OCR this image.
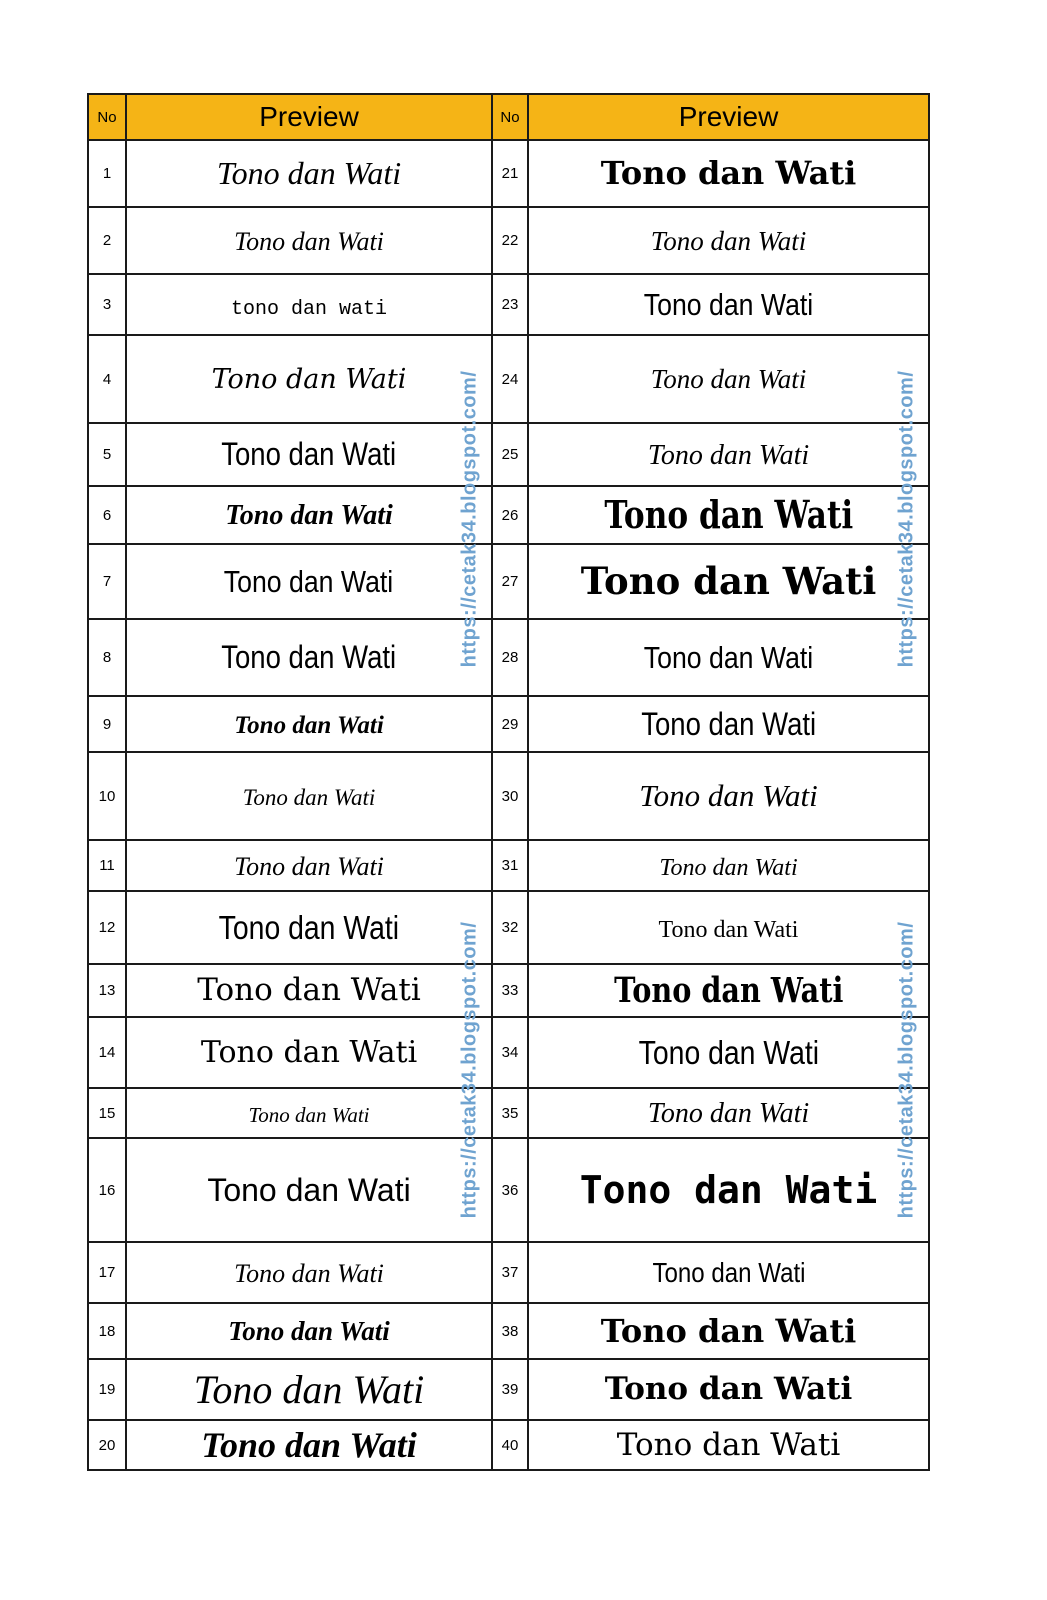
No	Preview	No	Preview
1	Tono dan Wati	21	Tono dan Wati
2	Tono dan Wati	22	Tono dan Wati
3	tono dan wati	23	Tono dan Wati
4	Tono dan Wati	24	Tono dan Wati
5	Tono dan Wati	25	Tono dan Wati
6	Tono dan Wati	26	Tono dan Wati
7	Tono dan Wati	27	Tono dan Wati
8	Tono dan Wati	28	Tono dan Wati
9	Tono dan Wati	29	Tono dan Wati
10	Tono dan Wati	30	Tono dan Wati
11	Tono dan Wati	31	Tono dan Wati
12	Tono dan Wati	32	Tono dan Wati
13	Tono dan Wati	33	Tono dan Wati
14	Tono dan Wati	34	Tono dan Wati
15	Tono dan Wati	35	Tono dan Wati
16	Tono dan Wati	36	Tono dan Wati
17	Tono dan Wati	37	Tono dan Wati
18	Tono dan Wati	38	Tono dan Wati
19	Tono dan Wati	39	Tono dan Wati
20	Tono dan Wati	40	Tono dan Wati
https://cetak34.blogspot.com/
https://cetak34.blogspot.com/
https://cetak34.blogspot.com/
https://cetak34.blogspot.com/
